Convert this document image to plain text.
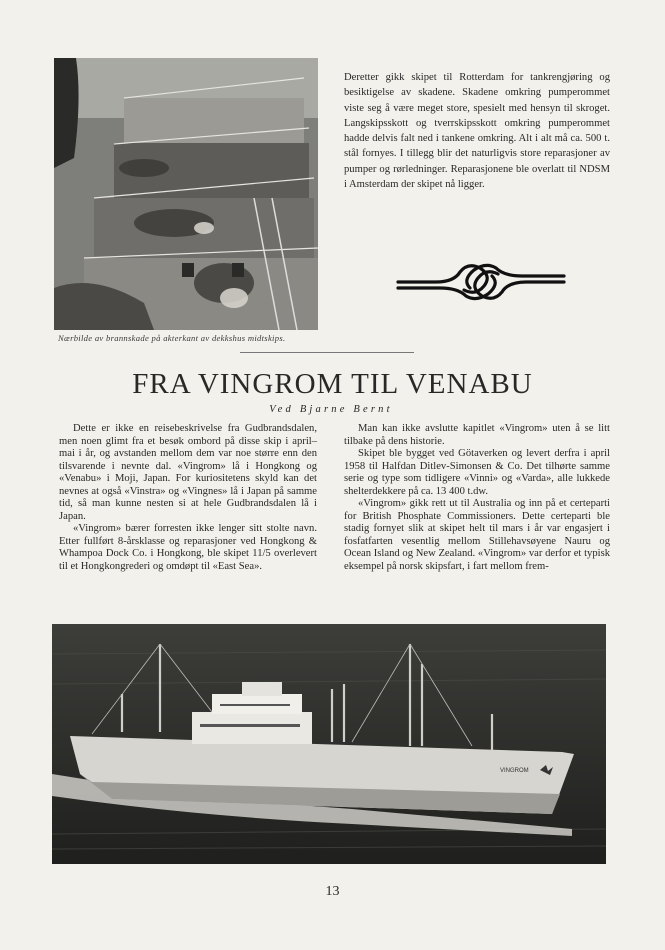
Nærbilde av brannskade på akterkant av dekkshus midtskips.

Deretter gikk skipet til Rotterdam for tankrengjøring og besiktigelse av skadene. Skadene omkring pumperommet viste seg å være meget store, spesielt med hensyn til skroget. Langskipsskott og tverrskipsskott omkring pumperommet hadde delvis falt ned i tankene omkring. Alt i alt må ca. 500 t. stål fornyes. I tillegg blir det naturligvis store reparasjoner av pumper og rørledninger. Reparasjonene ble overlatt til NDSM i Amsterdam der skipet nå ligger.

FRA VINGROM TIL VENABU
Ved Bjarne Bernt

Dette er ikke en reisebeskrivelse fra Gudbrandsdalen, men noen glimt fra et besøk ombord på disse skip i april–mai i år, og avstanden mellom dem var noe større enn den tilsvarende i nevnte dal. «Vingrom» lå i Hongkong og «Venabu» i Moji, Japan. For kuriositetens skyld kan det nevnes at også «Vinstra» og «Vingnes» lå i Japan på samme tid, så man kunne nesten si at hele Gudbrandsdalen lå i Japan.

«Vingrom» bærer forresten ikke lenger sitt stolte navn. Etter fullført 8-årsklasse og reparasjoner ved Hongkong & Whampoa Dock Co. i Hongkong, ble skipet 11/5 overlevert til et Hongkongrederi og omdøpt til «East Sea».

Man kan ikke avslutte kapitlet «Vingrom» uten å se litt tilbake på dens historie.

Skipet ble bygget ved Götaverken og levert derfra i april 1958 til Halfdan Ditlev-Simonsen & Co. Det tilhørte samme serie og type som tidligere «Vinni» og «Varda», alle lukkede shelterdekkere på ca. 13 400 t.dw.

«Vingrom» gikk rett ut til Australia og inn på et certeparti for British Phosphate Commissioners. Dette certeparti ble stadig fornyet slik at skipet helt til mars i år var engasjert i fosfatfarten vesentlig mellom Stillehavsøyene Nauru og Ocean Island og New Zealand. «Vingrom» var derfor et typisk eksempel på norsk skipsfart, i fart mellom frem-

VINGROM
13
